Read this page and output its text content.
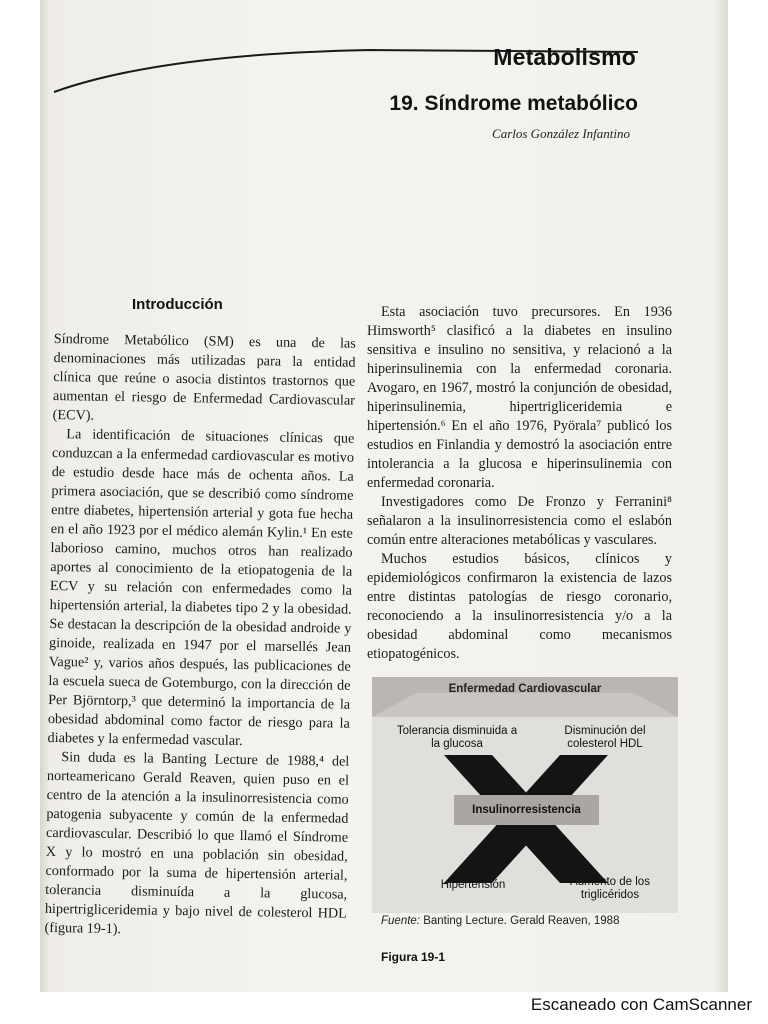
Metabolismo
19. Síndrome metabólico
Carlos González Infantino
Introducción

Síndrome Metabólico (SM) es una de las denominaciones más utilizadas para la entidad clínica que reúne o asocia distintos trastornos que aumentan el riesgo de Enfermedad Cardiovascular (ECV).

La identificación de situaciones clínicas que conduzcan a la enfermedad cardiovascular es motivo de estudio desde hace más de ochenta años. La primera asociación, que se describió como síndrome entre diabetes, hipertensión arterial y gota fue hecha en el año 1923 por el médico alemán Kylin.¹ En este laborioso camino, muchos otros han realizado aportes al conocimiento de la etiopatogenia de la ECV y su relación con enfermedades como la hipertensión arterial, la diabetes tipo 2 y la obesidad. Se destacan la descripción de la obesidad androide y ginoide, realizada en 1947 por el marsellés Jean Vague² y, varios años después, las publicaciones de la escuela sueca de Gotemburgo, con la dirección de Per Björntorp,³ que determinó la importancia de la obesidad abdominal como factor de riesgo para la diabetes y la enfermedad vascular.

Sin duda es la Banting Lecture de 1988,⁴ del norteamericano Gerald Reaven, quien puso en el centro de la atención a la insulinorresistencia como patogenia subyacente y común de la enfermedad cardiovascular. Describió lo que llamó el Síndrome X y lo mostró en una población sin obesidad, conformado por la suma de hipertensión arterial, tolerancia disminuída a la glucosa, hipertrigliceridemia y bajo nivel de colesterol HDL (figura 19-1).

Esta asociación tuvo precursores. En 1936 Himsworth⁵ clasificó a la diabetes en insulino sensitiva e insulino no sensitiva, y relacionó a la hiperinsulinemia con la enfermedad coronaria. Avogaro, en 1967, mostró la conjunción de obesidad, hiperinsulinemia, hipertrigliceridemia e hipertensión.⁶ En el año 1976, Pyörala⁷ publicó los estudios en Finlandia y demostró la asociación entre intolerancia a la glucosa e hiperinsulinemia con enfermedad coronaria.

Investigadores como De Fronzo y Ferranini⁸ señalaron a la insulinorresistencia como el eslabón común entre alteraciones metabólicas y vasculares.

Muchos estudios básicos, clínicos y epidemiológicos confirmaron la existencia de lazos entre distintas patologías de riesgo coronario, reconociendo a la insulinorresistencia y/o a la obesidad abdominal como mecanismos etiopatogénicos.

Enfermedad Cardiovascular
Tolerancia disminuida a la glucosa
Disminución del colesterol HDL
Insulinorresistencia
Hipertensión	Aumento de los triglicéridos
Fuente: Banting Lecture. Gerald Reaven, 1988
Figura 19-1
Escaneado con CamScanner
